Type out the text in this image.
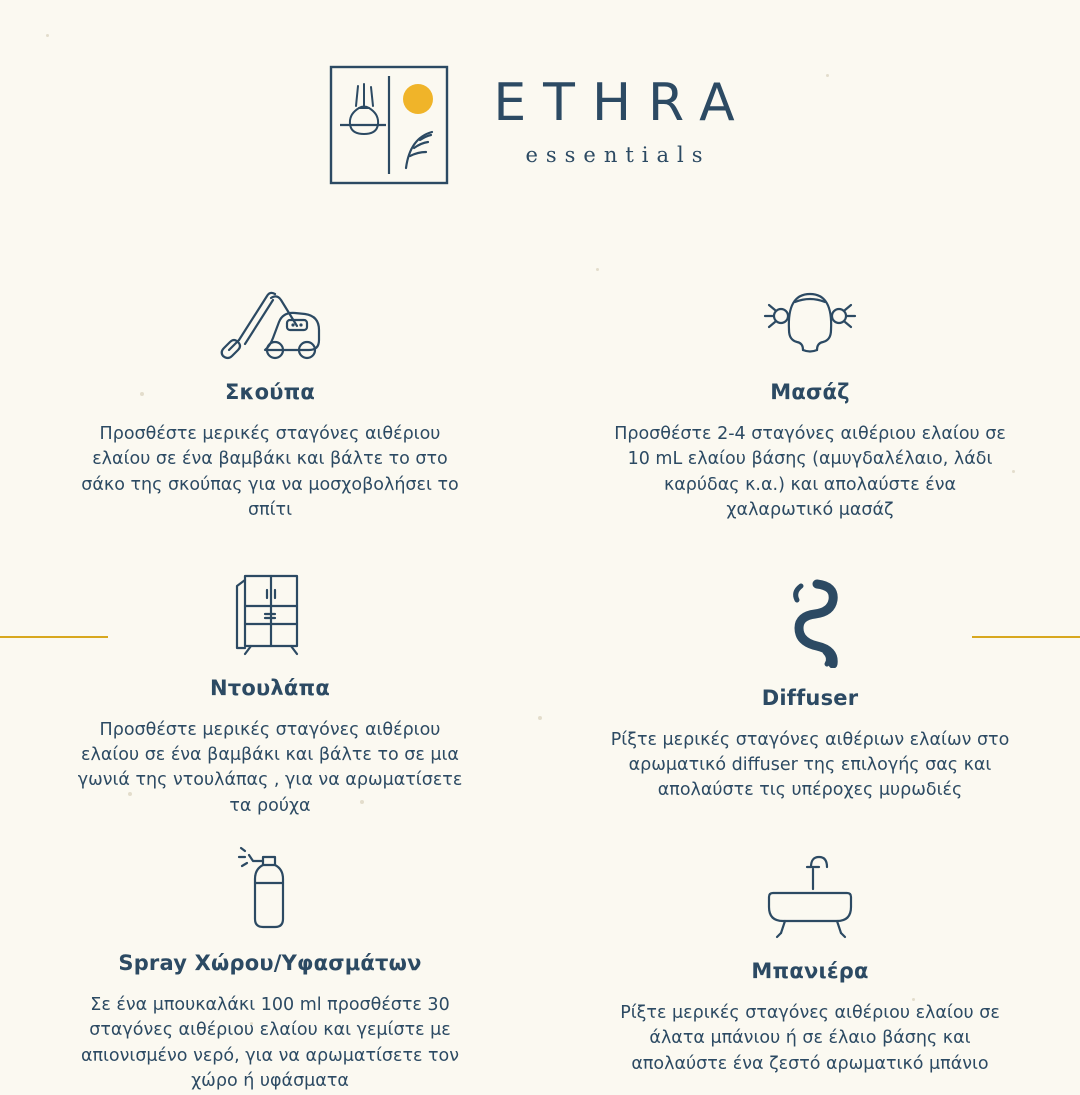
ETHRA
essentials
Σκούπα
Προσθέστε μερικές σταγόνες αιθέριου ελαίου σε ένα βαμβάκι και βάλτε το στο σάκο της σκούπας για να μοσχοβολήσει το σπίτι
Μασάζ
Προσθέστε 2-4 σταγόνες αιθέριου ελαίου σε 10 mL ελαίου βάσης (αμυγδαλέλαιο, λάδι καρύδας κ.α.) και απολαύστε ένα χαλαρωτικό μασάζ
Ντουλάπα
Προσθέστε μερικές σταγόνες αιθέριου ελαίου σε ένα βαμβάκι και βάλτε το σε μια γωνιά της ντουλάπας , για να αρωματίσετε τα ρούχα
Diffuser
Ρίξτε μερικές σταγόνες αιθέριων ελαίων στο αρωματικό diffuser της επιλογής σας και απολαύστε τις υπέροχες μυρωδιές
Spray Χώρου/Υφασμάτων
Σε ένα μπουκαλάκι 100 ml προσθέστε 30 σταγόνες αιθέριου ελαίου και γεμίστε με απιονισμένο νερό, για να αρωματίσετε τον χώρο ή υφάσματα
Μπανιέρα
Ρίξτε μερικές σταγόνες αιθέριου ελαίου σε άλατα μπάνιου ή σε έλαιο βάσης και απολαύστε ένα ζεστό αρωματικό μπάνιο
